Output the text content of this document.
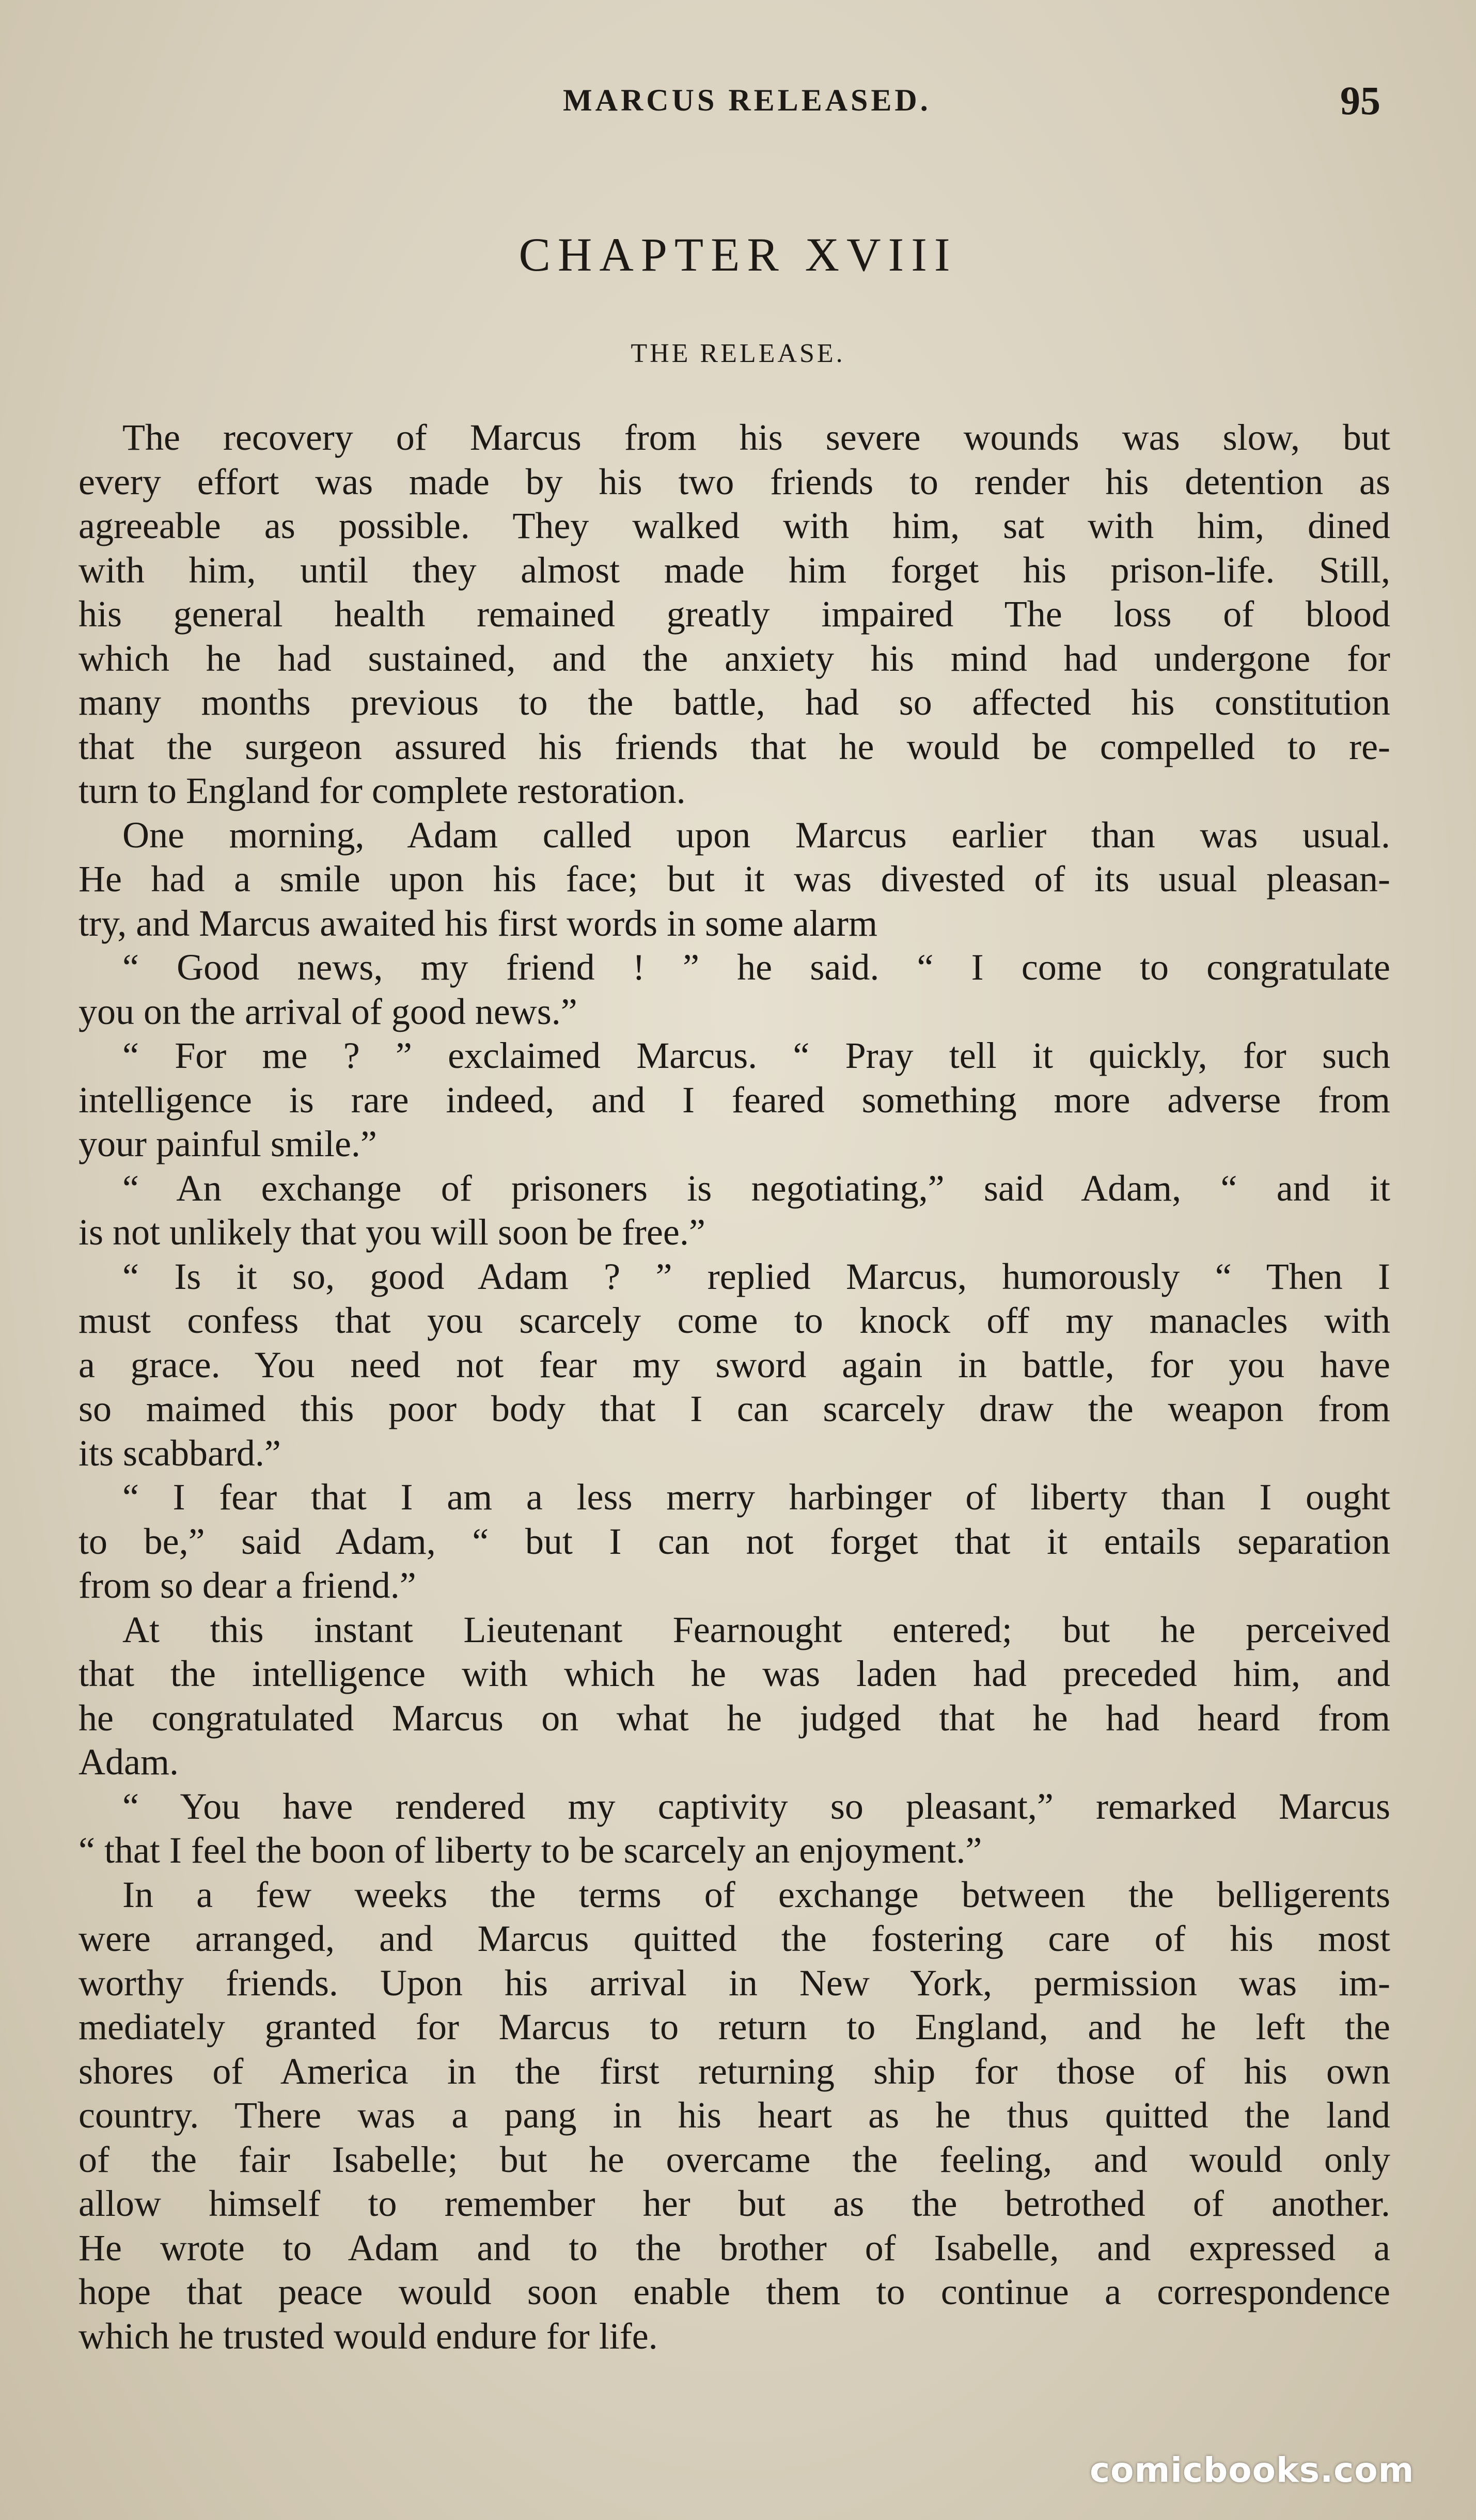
MARCUS RELEASED.	95
CHAPTER XVIII
THE RELEASE.
The recovery of Marcus from his severe wounds was slow, but
every effort was made by his two friends to render his detention as
agreeable as possible. They walked with him, sat with him, dined
with him, until they almost made him forget his prison-life. Still,
his general health remained greatly impaired The loss of blood
which he had sustained, and the anxiety his mind had undergone for
many months previous to the battle, had so affected his constitution
that the surgeon assured his friends that he would be compelled to re-
turn to England for complete restoration.
One morning, Adam called upon Marcus earlier than was usual.
He had a smile upon his face; but it was divested of its usual pleasan-
try, and Marcus awaited his first words in some alarm
“ Good news, my friend ! ” he said. “ I come to congratulate
you on the arrival of good news.”
“ For me ? ” exclaimed Marcus. “ Pray tell it quickly, for such
intelligence is rare indeed, and I feared something more adverse from
your painful smile.”
“ An exchange of prisoners is negotiating,” said Adam, “ and it
is not unlikely that you will soon be free.”
“ Is it so, good Adam ? ” replied Marcus, humorously “ Then I
must confess that you scarcely come to knock off my manacles with
a grace. You need not fear my sword again in battle, for you have
so maimed this poor body that I can scarcely draw the weapon from
its scabbard.”
“ I fear that I am a less merry harbinger of liberty than I ought
to be,” said Adam, “ but I can not forget that it entails separation
from so dear a friend.”
At this instant Lieutenant Fearnought entered; but he perceived
that the intelligence with which he was laden had preceded him, and
he congratulated Marcus on what he judged that he had heard from
Adam.
“ You have rendered my captivity so pleasant,” remarked Marcus
“ that I feel the boon of liberty to be scarcely an enjoyment.”
In a few weeks the terms of exchange between the belligerents
were arranged, and Marcus quitted the fostering care of his most
worthy friends. Upon his arrival in New York, permission was im-
mediately granted for Marcus to return to England, and he left the
shores of America in the first returning ship for those of his own
country. There was a pang in his heart as he thus quitted the land
of the fair Isabelle; but he overcame the feeling, and would only
allow himself to remember her but as the betrothed of another.
He wrote to Adam and to the brother of Isabelle, and expressed a
hope that peace would soon enable them to continue a correspondence
which he trusted would endure for life.
comicbooks.com
